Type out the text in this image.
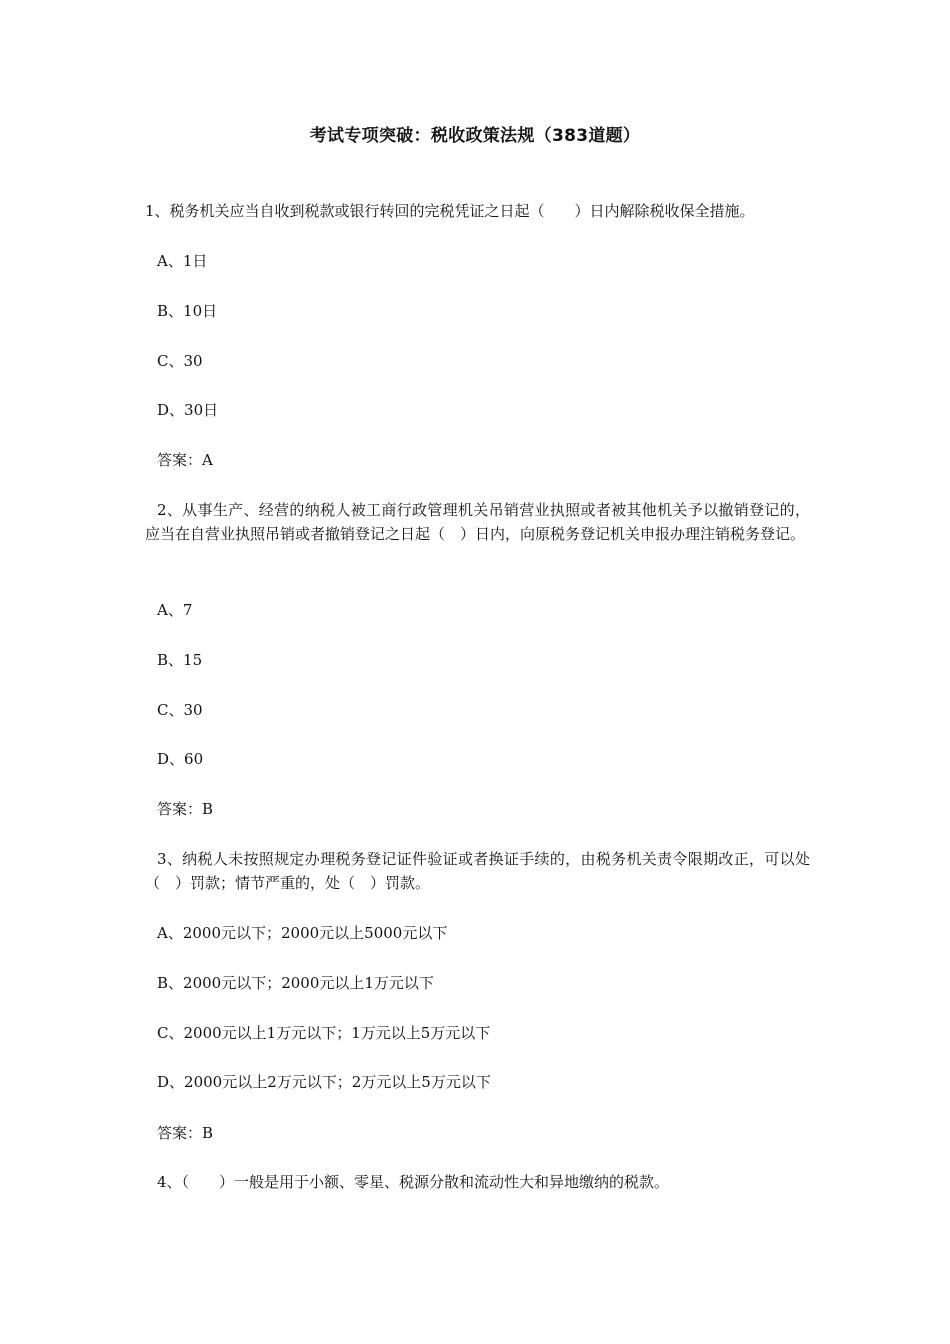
考试专项突破：税收政策法规（383道题）
1、税务机关应当自收到税款或银行转回的完税凭证之日起（　　）日内解除税收保全措施。
A、1日
B、10日
C、30
D、30日
答案：A
2、从事生产、经营的纳税人被工商行政管理机关吊销营业执照或者被其他机关予以撤销登记的，应当在自营业执照吊销或者撤销登记之日起（　）日内，向原税务登记机关申报办理注销税务登记。
A、7
B、15
C、30
D、60
答案：B
3、纳税人未按照规定办理税务登记证件验证或者换证手续的，由税务机关责令限期改正，可以处（　）罚款；情节严重的，处（　）罚款。
A、2000元以下；2000元以上5000元以下
B、2000元以下；2000元以上1万元以下
C、2000元以上1万元以下；1万元以上5万元以下
D、2000元以上2万元以下；2万元以上5万元以下
答案：B
4、（　　）一般是用于小额、零星、税源分散和流动性大和异地缴纳的税款。
